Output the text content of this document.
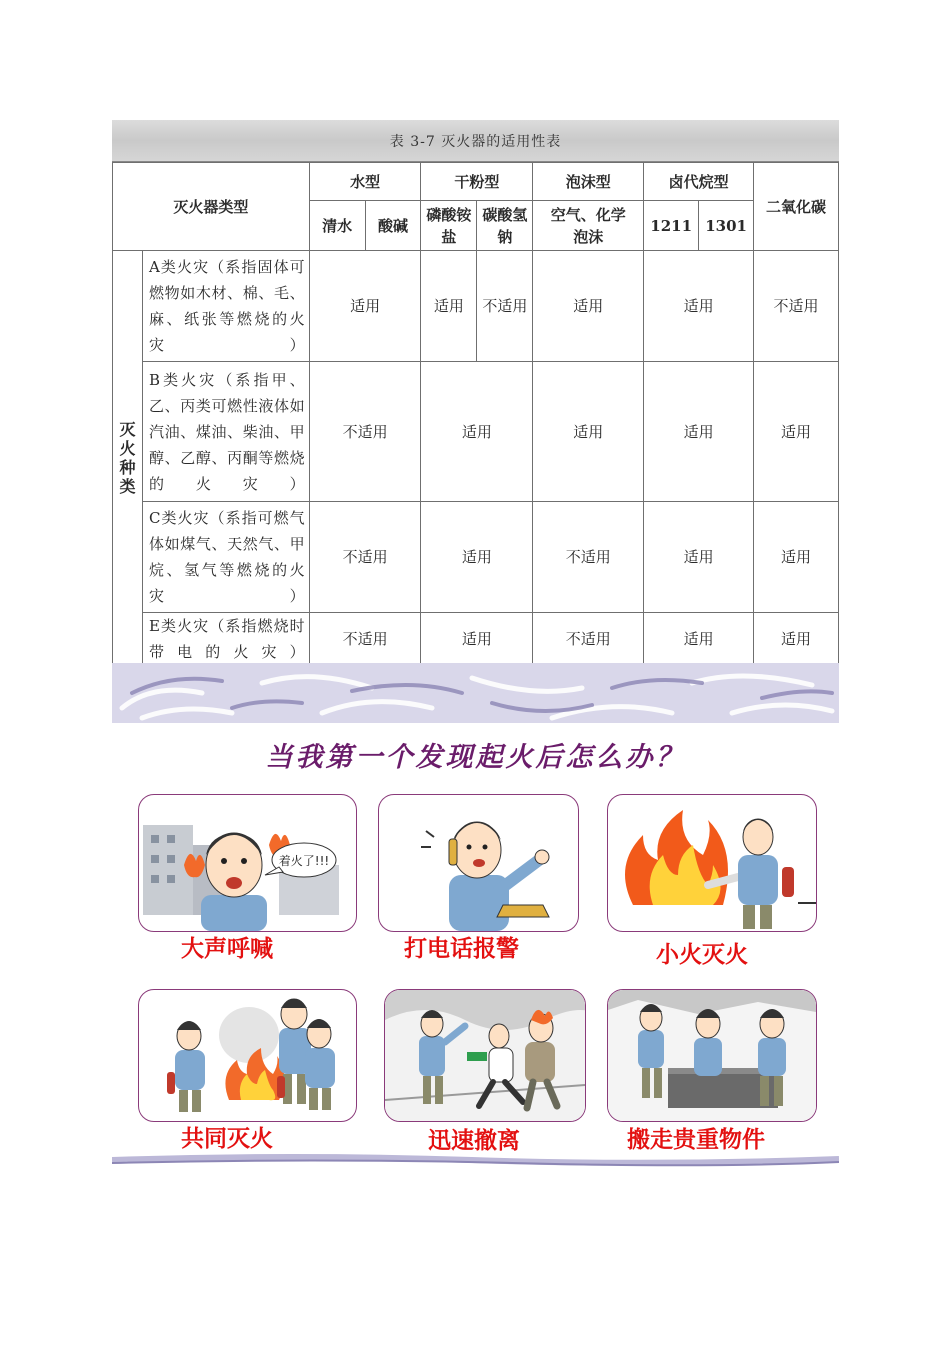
表 3-7 灭火器的适用性表
灭火器类型		水型		干粉型		泡沫型	卤代烷型		二氧化碳
		清水	酸碱	磷酸铵盐	碳酸氢钠	空气、化学泡沫	1211	1301	
灭火种类	A类火灾（系指固体可燃物如木材、棉、毛、麻、纸张等燃烧的火灾）	适用		适用	不适用	适用	适用		不适用
	B类火灾（系指甲、乙、丙类可燃性液体如汽油、煤油、柴油、甲醇、乙醇、丙酮等燃烧的火灾）	不适用		适用		适用	适用		适用
	C类火灾（系指可燃气体如煤气、天然气、甲烷、氢气等燃烧的火灾）	不适用		适用		不适用	适用		适用
	E类火灾（系指燃烧时带电的火灾）	不适用		适用		不适用	适用		适用
当我第一个发现起火后怎么办？
着火了!!!
大声呼喊	打电话报警	小火灭火
共同灭火	迅速撤离	搬走贵重物件
